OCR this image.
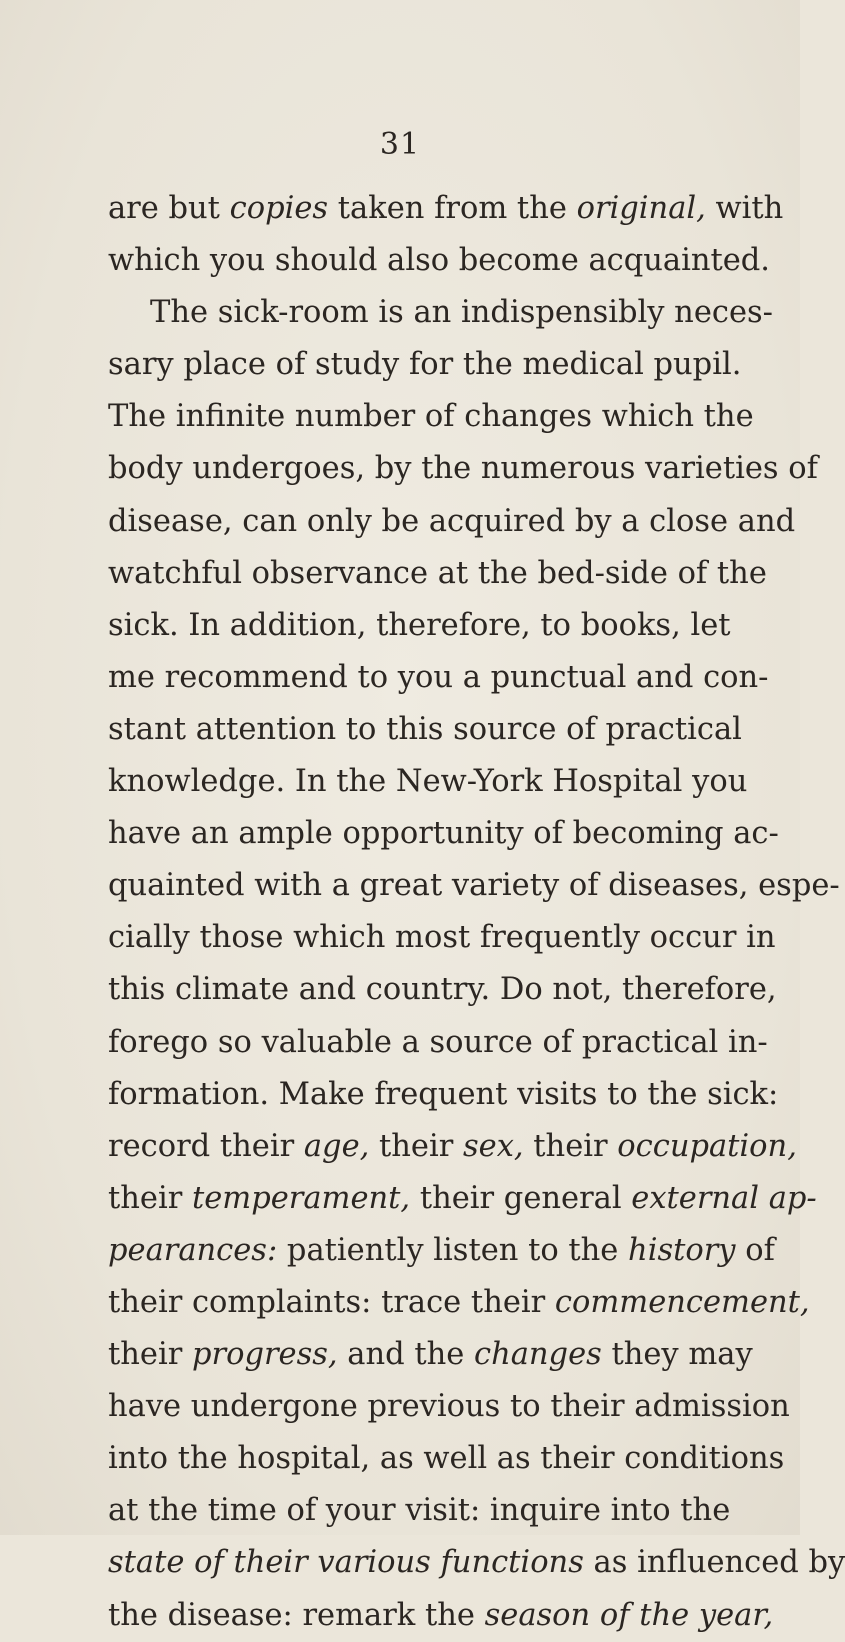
31
are but copies taken from the original, with
which you should also become acquainted.
The sick-room is an indispensibly neces-
sary place of study for the medical pupil.
The infinite number of changes which the
body undergoes, by the numerous varieties of
disease, can only be acquired by a close and
watchful observance at the bed-side of the
sick. In addition, therefore, to books, let
me recommend to you a punctual and con-
stant attention to this source of practical
knowledge. In the New-York Hospital you
have an ample opportunity of becoming ac-
quainted with a great variety of diseases, espe-
cially those which most frequently occur in
this climate and country. Do not, therefore,
forego so valuable a source of practical in-
formation. Make frequent visits to the sick:
record their age, their sex, their occupation,
their temperament, their general external ap-
pearances: patiently listen to the history of
their complaints: trace their commencement,
their progress, and the changes they may
have undergone previous to their admission
into the hospital, as well as their conditions
at the time of your visit: inquire into the
state of their various functions as influenced by
the disease: remark the season of the year,
